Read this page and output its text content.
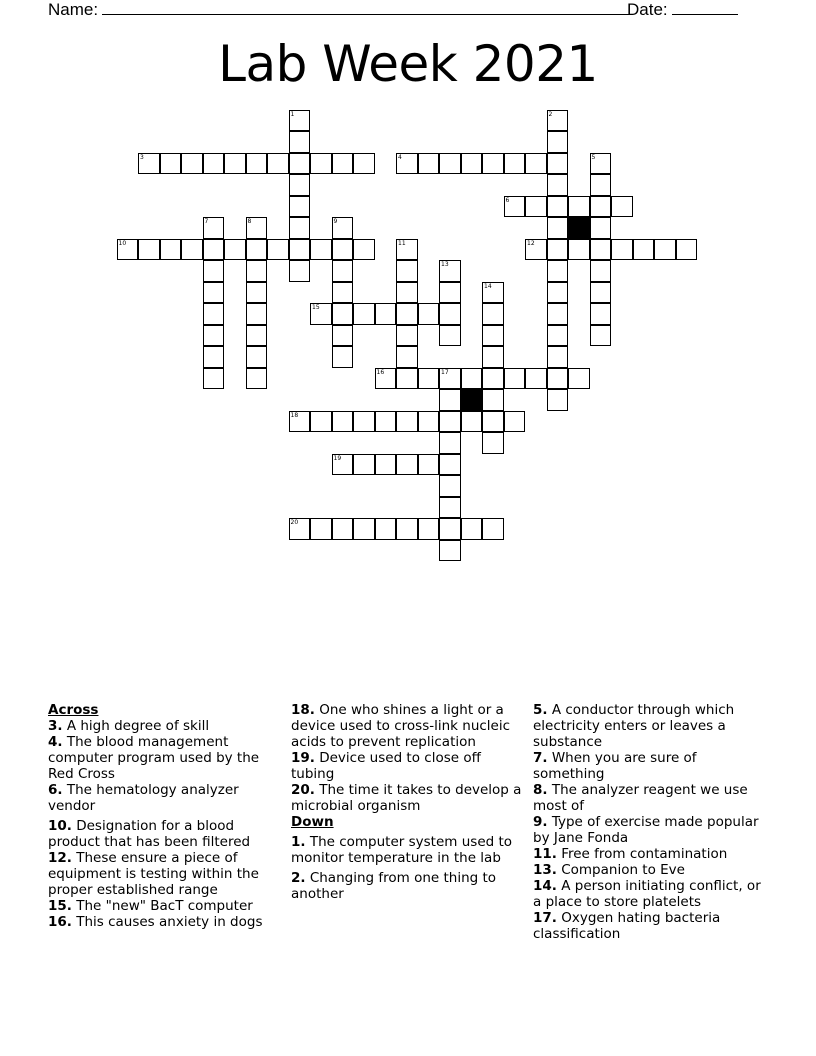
Name:	Date:
Lab Week 2021
3	4
6
10	12
15
16	17
18
19
20
1	2
5
7	8	9
11
13
14
Across
3. A high degree of skill
4. The blood management computer program used by the Red Cross
6. The hematology analyzer vendor
10. Designation for a blood product that has been filtered
12. These ensure a piece of equipment is testing within the proper established range
15. The "new" BacT computer
16. This causes anxiety in dogs
18. One who shines a light or a device used to cross-link nucleic acids to prevent replication
19. Device used to close off tubing
20. The time it takes to develop a microbial organism
Down
1. The computer system used to monitor temperature in the lab
2. Changing from one thing to another
5. A conductor through which electricity enters or leaves a substance
7. When you are sure of something
8. The analyzer reagent we use most of
9. Type of exercise made popular by Jane Fonda
11. Free from contamination
13. Companion to Eve
14. A person initiating conflict, or a place to store platelets
17. Oxygen hating bacteria classification
